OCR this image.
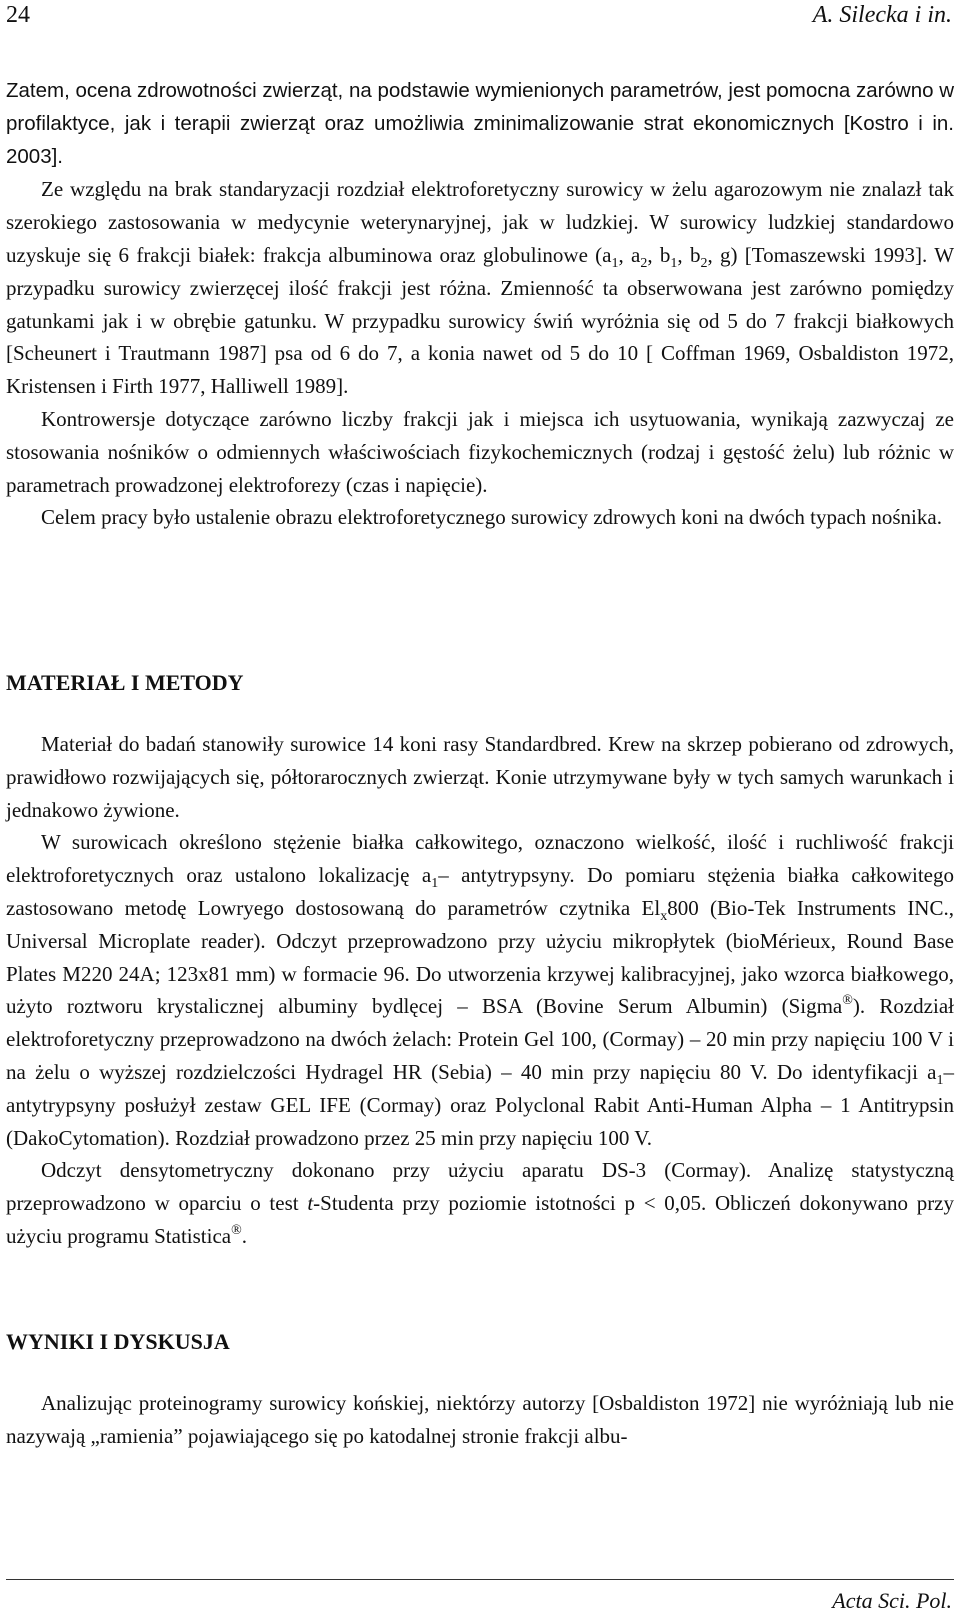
24	A. Silecka i in.

Zatem, ocena zdrowotności zwierząt, na podstawie wymienionych parametrów, jest pomocna zarówno w profilaktyce, jak i terapii zwierząt oraz umożliwia zminimalizowanie strat ekonomicznych [Kostro i in. 2003].

Ze względu na brak standaryzacji rozdział elektroforetyczny surowicy w żelu agarozowym nie znalazł tak szerokiego zastosowania w medycynie weterynaryjnej, jak w ludzkiej. W surowicy ludzkiej standardowo uzyskuje się 6 frakcji białek: frakcja albuminowa oraz globulinowe ($a_1$, $a_2$, $b_1$, $b_2$, g) [Tomaszewski 1993]. W przypadku surowicy zwierzęcej ilość frakcji jest różna. Zmienność ta obserwowana jest zarówno pomiędzy gatunkami jak i w obrębie gatunku. W przypadku surowicy świń wyróżnia się od 5 do 7 frakcji białkowych [Scheunert i Trautmann 1987] psa od 6 do 7, a konia nawet od 5 do 10 [ Coffman 1969, Osbaldiston 1972, Kristensen i Firth 1977, Halliwell 1989].

Kontrowersje dotyczące zarówno liczby frakcji jak i miejsca ich usytuowania, wynikają zazwyczaj ze stosowania nośników o odmiennych właściwościach fizykochemicznych (rodzaj i gęstość żelu) lub różnic w parametrach prowadzonej elektroforezy (czas i napięcie).

Celem pracy było ustalenie obrazu elektroforetycznego surowicy zdrowych koni na dwóch typach nośnika.

MATERIAŁ I METODY

Materiał do badań stanowiły surowice 14 koni rasy Standardbred. Krew na skrzep pobierano od zdrowych, prawidłowo rozwijających się, półtorarocznych zwierząt. Konie utrzymywane były w tych samych warunkach i jednakowo żywione.

W surowicach określono stężenie białka całkowitego, oznaczono wielkość, ilość i ruchliwość frakcji elektroforetycznych oraz ustalono lokalizację $a_1-$ antytrypsyny. Do pomiaru stężenia białka całkowitego zastosowano metodę Lowryego dostosowaną do parametrów czytnika $El_x800$ (Bio-Tek Instruments INC., Universal Microplate reader). Odczyt przeprowadzono przy użyciu mikropłytek (bioMérieux, Round Base Plates M220 24A; 123x81 mm) w formacie 96. Do utworzenia krzywej kalibracyjnej, jako wzorca białkowego, użyto roztworu krystalicznej albuminy bydlęcej – BSA (Bovine Serum Albumin) (Sigma®). Rozdział elektroforetyczny przeprowadzono na dwóch żelach: Protein Gel 100, (Cormay) – 20 min przy napięciu 100 V i na żelu o wyższej rozdzielczości Hydragel HR (Sebia) – 40 min przy napięciu 80 V. Do identyfikacji $a_1-$ antytrypsyny posłużył zestaw GEL IFE (Cormay) oraz Polyclonal Rabit Anti-Human Alpha – 1 Antitrypsin (DakoCytomation). Rozdział prowadzono przez 25 min przy napięciu 100 V.

Odczyt densytometryczny dokonano przy użyciu aparatu DS-3 (Cormay). Analizę statystyczną przeprowadzono w oparciu o test t-Studenta przy poziomie istotności p < 0,05. Obliczeń dokonywano przy użyciu programu Statistica®.

WYNIKI I DYSKUSJA

Analizując proteinogramy surowicy końskiej, niektórzy autorzy [Osbaldiston 1972] nie wyróżniają lub nie nazywają „ramienia” pojawiającego się po katodalnej stronie frakcji albu-

Acta Sci. Pol.
